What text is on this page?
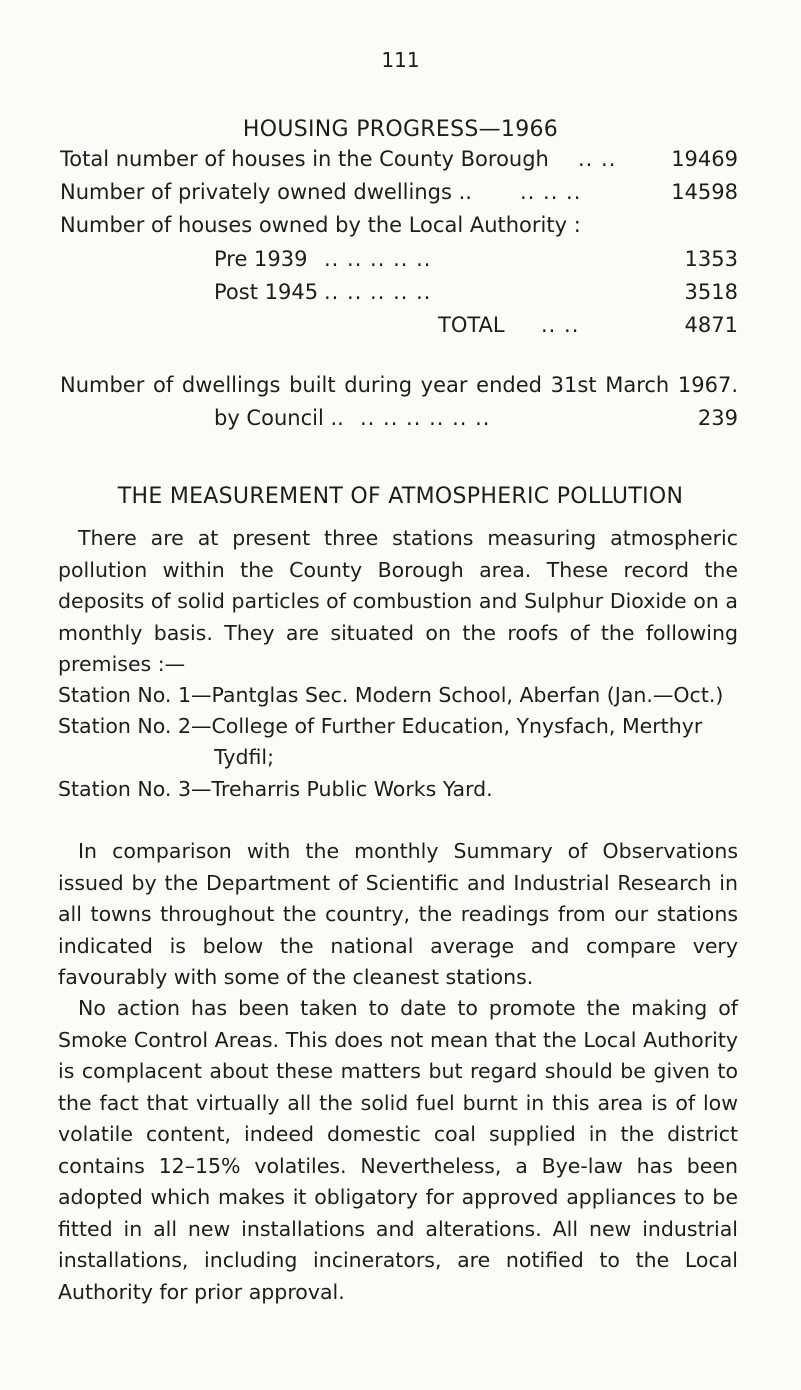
111
HOUSING PROGRESS—1966
Total number of houses in the County Borough .. ..	19469
Number of privately owned dwellings .. .. .. ..	14598
Number of houses owned by the Local Authority :
Pre 1939 .. .. .. .. ..	1353
Post 1945 .. .. .. .. ..	3518
TOTAL .. ..	4871
Number of dwellings built during year ended 31st March 1967.
by Council .. .. .. .. .. .. ..	239
THE MEASUREMENT OF ATMOSPHERIC POLLUTION
There are at present three stations measuring atmospheric pollution within the County Borough area. These record the deposits of solid particles of combustion and Sulphur Dioxide on a monthly basis. They are situated on the roofs of the following premises :—
Station No. 1—Pantglas Sec. Modern School, Aberfan (Jan.—Oct.)
Station No. 2—College of Further Education, Ynysfach, Merthyr
Tydfil;
Station No. 3—Treharris Public Works Yard.
In comparison with the monthly Summary of Observations issued by the Department of Scientific and Industrial Research in all towns throughout the country, the readings from our stations indicated is below the national average and compare very favourably with some of the cleanest stations.
No action has been taken to date to promote the making of Smoke Control Areas. This does not mean that the Local Authority is complacent about these matters but regard should be given to the fact that virtually all the solid fuel burnt in this area is of low volatile content, indeed domestic coal supplied in the district contains 12–15% volatiles. Nevertheless, a Bye-law has been adopted which makes it obligatory for approved appliances to be fitted in all new installations and alterations. All new industrial installations, including incinerators, are notified to the Local Authority for prior approval.
